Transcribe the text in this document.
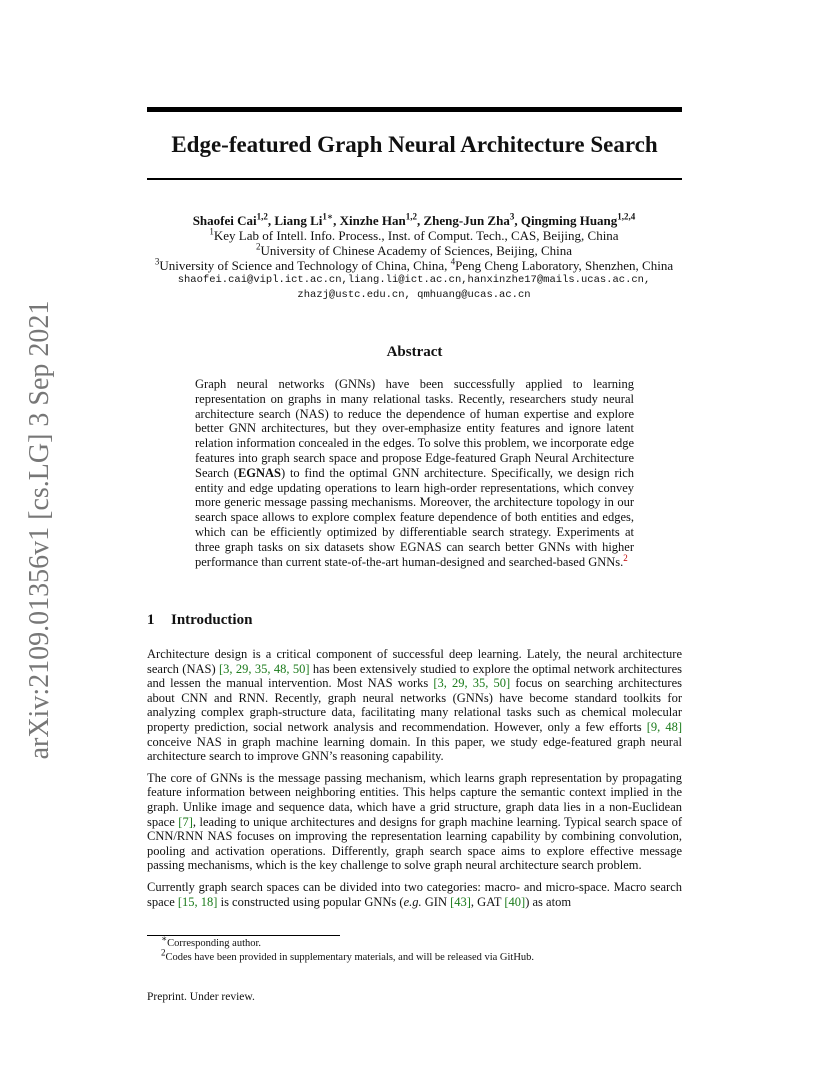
arXiv:2109.01356v1 [cs.LG] 3 Sep 2021
Edge-featured Graph Neural Architecture Search
Shaofei Cai$^{1,2}$, Liang $Li^{1∗}$, Xinzhe Han$^{1,2}$, Zheng-Jun Zha$^3$, Qingming Huang$^{1,2,4}$
$^1$Key Lab of Intell. Info. Process., Inst. of Comput. Tech., CAS, Beijing, China
$^2$University of Chinese Academy of Sciences, Beijing, China
$^3$University of Science and Technology of China, China, $^4$Peng Cheng Laboratory, Shenzhen, China
shaofei.cai@vipl.ict.ac.cn,liang.li@ict.ac.cn,hanxinzhe17@mails.ucas.ac.cn,
zhazj@ustc.edu.cn, qmhuang@ucas.ac.cn
Abstract
Graph neural networks (GNNs) have been successfully applied to learning representation on graphs in many relational tasks. Recently, researchers study neural architecture search (NAS) to reduce the dependence of human expertise and explore better GNN architectures, but they over-emphasize entity features and ignore latent relation information concealed in the edges. To solve this problem, we incorporate edge features into graph search space and propose Edge-featured Graph Neural Architecture Search (EGNAS) to find the optimal GNN architecture. Specifically, we design rich entity and edge updating operations to learn high-order representations, which convey more generic message passing mechanisms. Moreover, the architecture topology in our search space allows to explore complex feature dependence of both entities and edges, which can be efficiently optimized by differentiable search strategy. Experiments at three graph tasks on six datasets show EGNAS can search better GNNs with higher performance than current state-of-the-art human-designed and searched-based GNNs.$^2$
1 Introduction

Architecture design is a critical component of successful deep learning. Lately, the neural architecture search (NAS) [3, 29, 35, 48, 50] has been extensively studied to explore the optimal network architectures and lessen the manual intervention. Most NAS works [3, 29, 35, 50] focus on searching architectures about CNN and RNN. Recently, graph neural networks (GNNs) have become standard toolkits for analyzing complex graph-structure data, facilitating many relational tasks such as chemical molecular property prediction, social network analysis and recommendation. However, only a few efforts [9, 48] conceive NAS in graph machine learning domain. In this paper, we study edge-featured graph neural architecture search to improve GNN’s reasoning capability.

The core of GNNs is the message passing mechanism, which learns graph representation by propagating feature information between neighboring entities. This helps capture the semantic context implied in the graph. Unlike image and sequence data, which have a grid structure, graph data lies in a non-Euclidean space [7], leading to unique architectures and designs for graph machine learning. Typical search space of CNN/RNN NAS focuses on improving the representation learning capability by combining convolution, pooling and activation operations. Differently, graph search space aims to explore effective message passing mechanisms, which is the key challenge to solve graph neural architecture search problem.

Currently graph search spaces can be divided into two categories: macro- and micro-space. Macro search space [15, 18] is constructed using popular GNNs (e.g. GIN [43], GAT [40]) as atom

∗Corresponding author.
$^2$Codes have been provided in supplementary materials, and will be released via GitHub.
Preprint. Under review.
